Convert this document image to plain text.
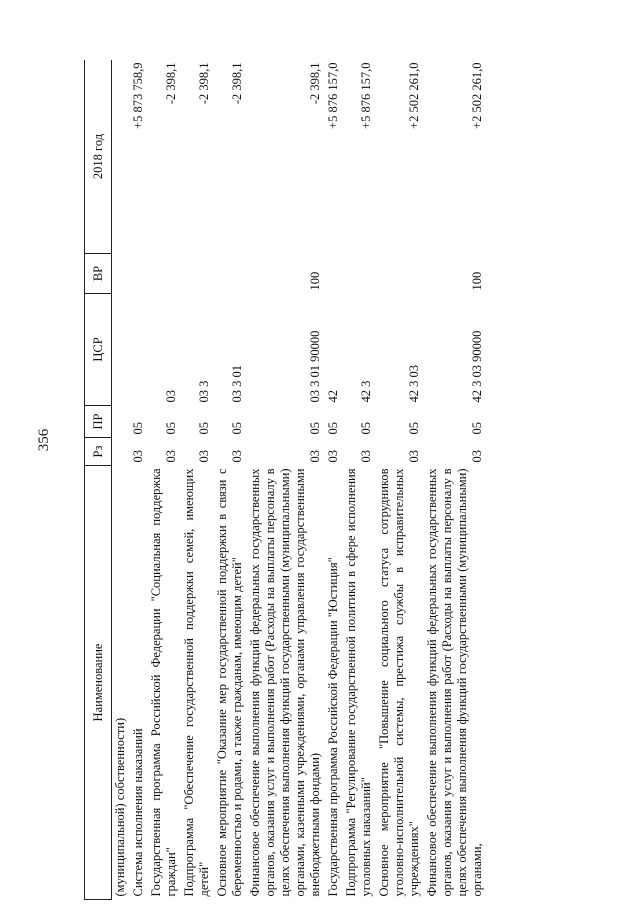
356
Наименование	Рз	ПР	ЦСР	ВР	2018 год
(муниципальной) собственности)					
Система исполнения наказаний	03	05			+5 873 758,9
Государственная программа Российской Федерации "Социальная поддержка граждан"	03	05	03		-2 398,1
Подпрограмма "Обеспечение государственной поддержки семей, имеющих детей"	03	05	03 3		-2 398,1
Основное мероприятие "Оказание мер государственной поддержки в связи с беременностью и родами, а также гражданам, имеющим детей"	03	05	03 3 01		-2 398,1
Финансовое обеспечение выполнения функций федеральных государственных органов, оказания услуг и выполнения работ (Расходы на выплаты персоналу в целях обеспечения выполнения функций государственными (муниципальными) органами, казенными учреждениями, органами управления государственными внебюджетными фондами)	03	05	03 3 01 90000	100	-2 398,1
Государственная программа Российской Федерации "Юстиция"	03	05	42		+5 876 157,0
Подпрограмма "Регулирование государственной политики в сфере исполнения уголовных наказаний"	03	05	42 3		+5 876 157,0
Основное мероприятие "Повышение социального статуса сотрудников уголовно-исполнительной системы, престижа службы в исправительных учреждениях"	03	05	42 3 03		+2 502 261,0
Финансовое обеспечение выполнения функций федеральных государственных органов, оказания услуг и выполнения работ (Расходы на выплаты персоналу в целях обеспечения выполнения функций государственными (муниципальными) органами,	03	05	42 3 03 90000	100	+2 502 261,0
